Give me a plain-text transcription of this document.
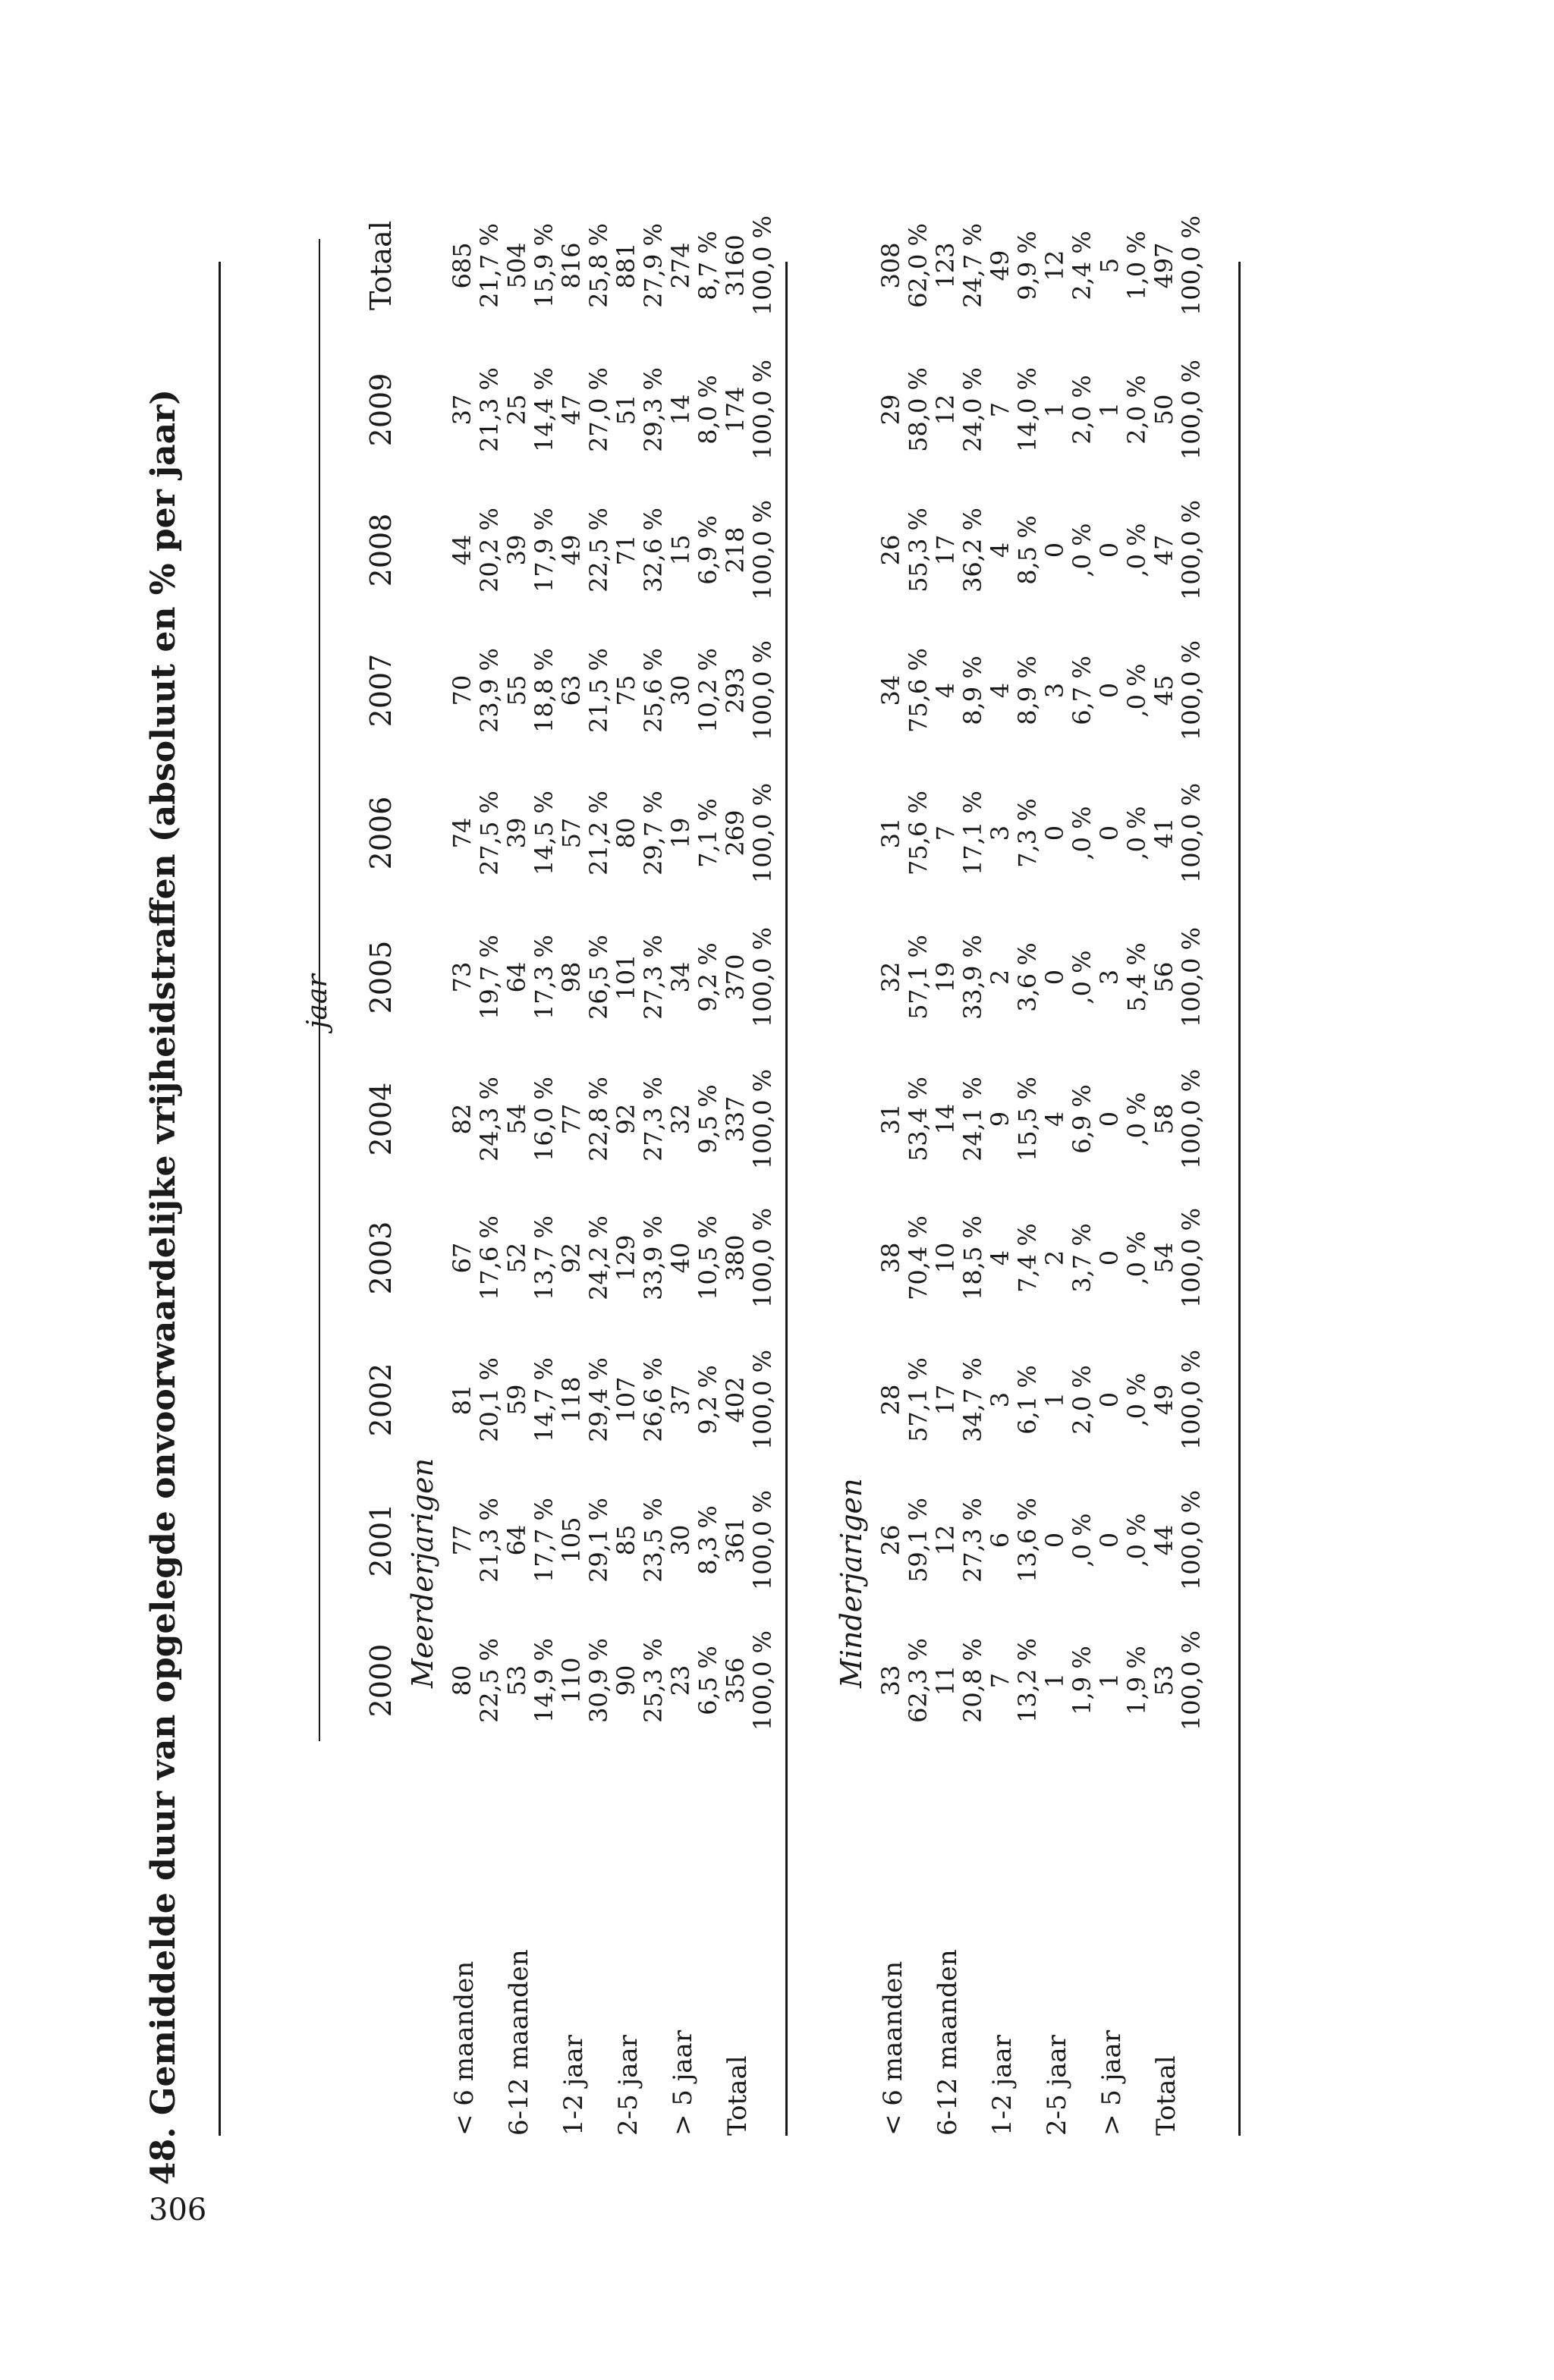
306
48. Gemiddelde duur van opgelegde onvoorwaardelijke vrijheidstraffen (absoluut en % per jaar)	jaar
2000
2001
2002
2003
2004
2005
2006
2007
2008
2009
Totaal
Meerderjarigen
< 6 maanden
80
77
81
67
82
73
74
70
44
37
685
22,5 %
21,3 %
20,1 %
17,6 %
24,3 %
19,7 %
27,5 %
23,9 %
20,2 %
21,3 %
21,7 %
6-12 maanden
53
64
59
52
54
64
39
55
39
25
504
14,9 %
17,7 %
14,7 %
13,7 %
16,0 %
17,3 %
14,5 %
18,8 %
17,9 %
14,4 %
15,9 %
1-2 jaar
110
105
118
92
77
98
57
63
49
47
816
30,9 %
29,1 %
29,4 %
24,2 %
22,8 %
26,5 %
21,2 %
21,5 %
22,5 %
27,0 %
25,8 %
2-5 jaar
90
85
107
129
92
101
80
75
71
51
881
25,3 %
23,5 %
26,6 %
33,9 %
27,3 %
27,3 %
29,7 %
25,6 %
32,6 %
29,3 %
27,9 %
> 5 jaar
23
30
37
40
32
34
19
30
15
14
274
6,5 %
8,3 %
9,2 %
10,5 %
9,5 %
9,2 %
7,1 %
10,2 %
6,9 %
8,0 %
8,7 %
Totaal
356
361
402
380
337
370
269
293
218
174
3160
100,0 %
100,0 %
100,0 %
100,0 %
100,0 %
100,0 %
100,0 %
100,0 %
100,0 %
100,0 %
100,0 %
Minderjarigen
< 6 maanden
33
26
28
38
31
32
31
34
26
29
308
62,3 %
59,1 %
57,1 %
70,4 %
53,4 %
57,1 %
75,6 %
75,6 %
55,3 %
58,0 %
62,0 %
6-12 maanden
11
12
17
10
14
19
7
4
17
12
123
20,8 %
27,3 %
34,7 %
18,5 %
24,1 %
33,9 %
17,1 %
8,9 %
36,2 %
24,0 %
24,7 %
1-2 jaar
7
6
3
4
9
2
3
4
4
7
49
13,2 %
13,6 %
6,1 %
7,4 %
15,5 %
3,6 %
7,3 %
8,9 %
8,5 %
14,0 %
9,9 %
2-5 jaar
1
0
1
2
4
0
0
3
0
1
12
1,9 %
,0 %
2,0 %
3,7 %
6,9 %
,0 %
,0 %
6,7 %
,0 %
2,0 %
2,4 %
> 5 jaar
1
0
0
0
0
3
0
0
0
1
5
1,9 %
,0 %
,0 %
,0 %
,0 %
5,4 %
,0 %
,0 %
,0 %
2,0 %
1,0 %
Totaal
53
44
49
54
58
56
41
45
47
50
497
100,0 %
100,0 %
100,0 %
100,0 %
100,0 %
100,0 %
100,0 %
100,0 %
100,0 %
100,0 %
100,0 %
